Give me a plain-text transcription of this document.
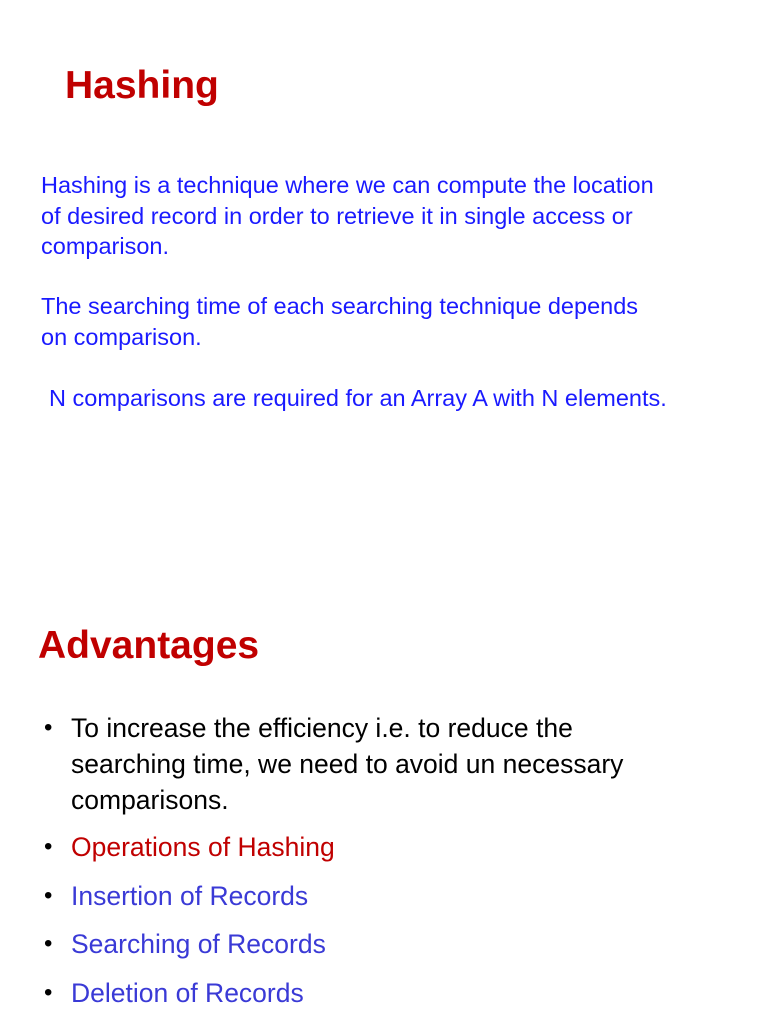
Hashing

Hashing is a technique where we can compute the location
of desired record in order to retrieve it in single access or
comparison.

The searching time of each searching technique depends
on comparison.

N comparisons are required for an Array A with N elements.

Advantages
• To increase the efficiency i.e. to reduce the
searching time, we need to avoid un necessary
comparisons.
• Operations of Hashing
• Insertion of Records
• Searching of Records
• Deletion of Records
